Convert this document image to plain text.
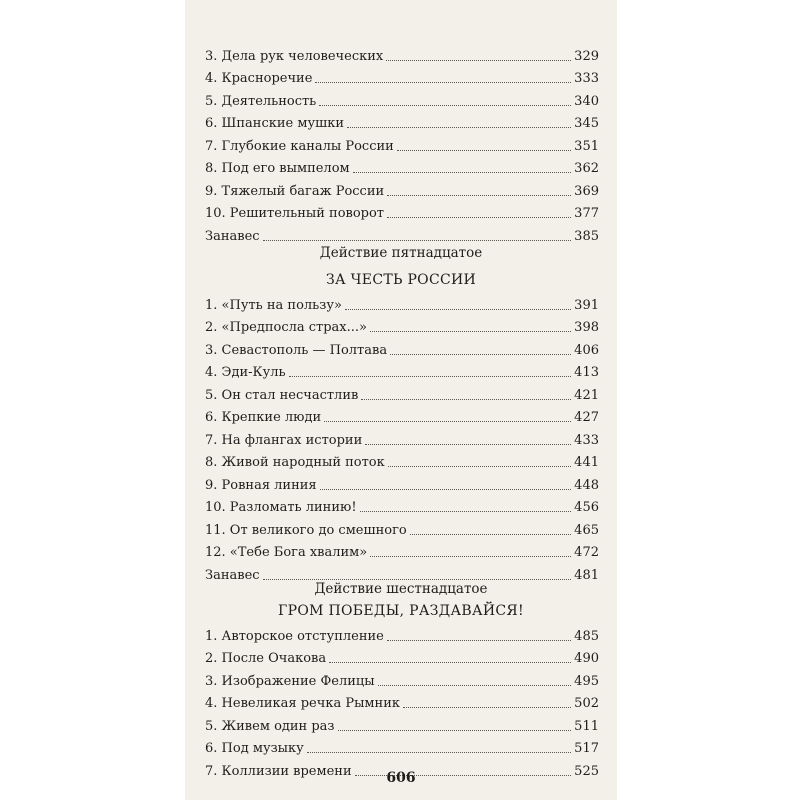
3. Дела рук человеческих	329
4. Красноречие	333
5. Деятельность	340
6. Шпанские мушки	345
7. Глубокие каналы России	351
8. Под его вымпелом	362
9. Тяжелый багаж России	369
10. Решительный поворот	377
Занавес	385
Действие пятнадцатое
ЗА ЧЕСТЬ РОССИИ
1. «Путь на пользу»	391
2. «Предпосла страх...»	398
3. Севастополь — Полтава	406
4. Эди-Куль	413
5. Он стал несчастлив	421
6. Крепкие люди	427
7. На флангах истории	433
8. Живой народный поток	441
9. Ровная линия	448
10. Разломать линию!	456
11. От великого до смешного	465
12. «Тебе Бога хвалим»	472
Занавес	481
Действие шестнадцатое
ГРОМ ПОБЕДЫ, РАЗДАВАЙСЯ!
1. Авторское отступление	485
2. После Очакова	490
3. Изображение Фелицы	495
4. Невеликая речка Рымник	502
5. Живем один раз	511
6. Под музыку	517
7. Коллизии времени	525
606
